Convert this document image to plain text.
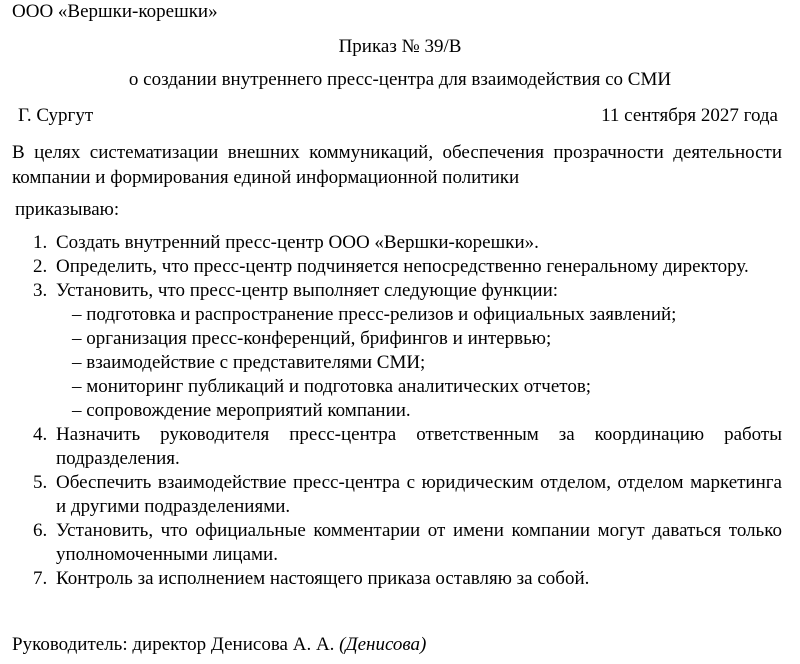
ООО «Вершки-корешки»
Приказ № 39/В
о создании внутреннего пресс-центра для взаимодействия со СМИ
Г. Сургут	11 сентября 2027 года
В целях систематизации внешних коммуникаций, обеспечения прозрачности деятельности компании и формирования единой информационной политики
приказываю:
1. Создать внутренний пресс-центр ООО «Вершки-корешки».
2. Определить, что пресс-центр подчиняется непосредственно генеральному директору.
3. Установить, что пресс-центр выполняет следующие функции:
– подготовка и распространение пресс-релизов и официальных заявлений;
– организация пресс-конференций, брифингов и интервью;
– взаимодействие с представителями СМИ;
– мониторинг публикаций и подготовка аналитических отчетов;
– сопровождение мероприятий компании.
4. Назначить руководителя пресс-центра ответственным за координацию работы подразделения.
5. Обеспечить взаимодействие пресс-центра с юридическим отделом, отделом маркетинга и другими подразделениями.
6. Установить, что официальные комментарии от имени компании могут даваться только уполномоченными лицами.
7. Контроль за исполнением настоящего приказа оставляю за собой.
Руководитель: директор Денисова А. А. (Денисова)
